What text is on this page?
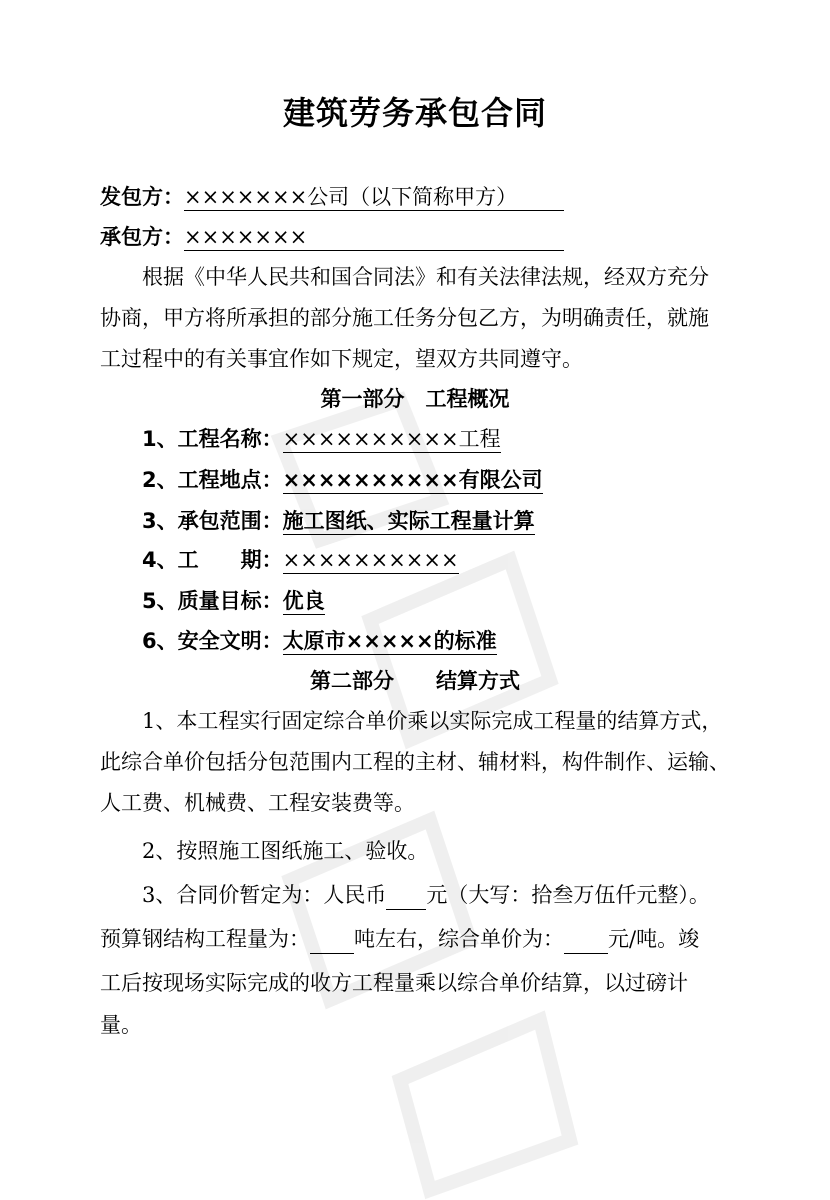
建筑劳务承包合同
发包方：×××××××公司（以下简称甲方）
承包方：×××××××
根据《中华人民共和国合同法》和有关法律法规，经双方充分
协商，甲方将所承担的部分施工任务分包乙方，为明确责任，就施
工过程中的有关事宜作如下规定，望双方共同遵守。
第一部分　工程概况
1、工程名称：××××××××××工程
2、工程地点：××××××××××有限公司
3、承包范围：施工图纸、实际工程量计算
4、工　　期：××××××××××
5、质量目标：优良
6、安全文明：太原市×××××的标准
第二部分　　结算方式
1、本工程实行固定综合单价乘以实际完成工程量的结算方式，
此综合单价包括分包范围内工程的主材、辅材料，构件制作、运输、
人工费、机械费、工程安装费等。
2、按照施工图纸施工、验收。
3、合同价暂定为：人民币 元（大写：拾叁万伍仟元整）。
预算钢结构工程量为： 吨左右，综合单价为： 元/吨。竣
工后按现场实际完成的收方工程量乘以综合单价结算，以过磅计
量。
